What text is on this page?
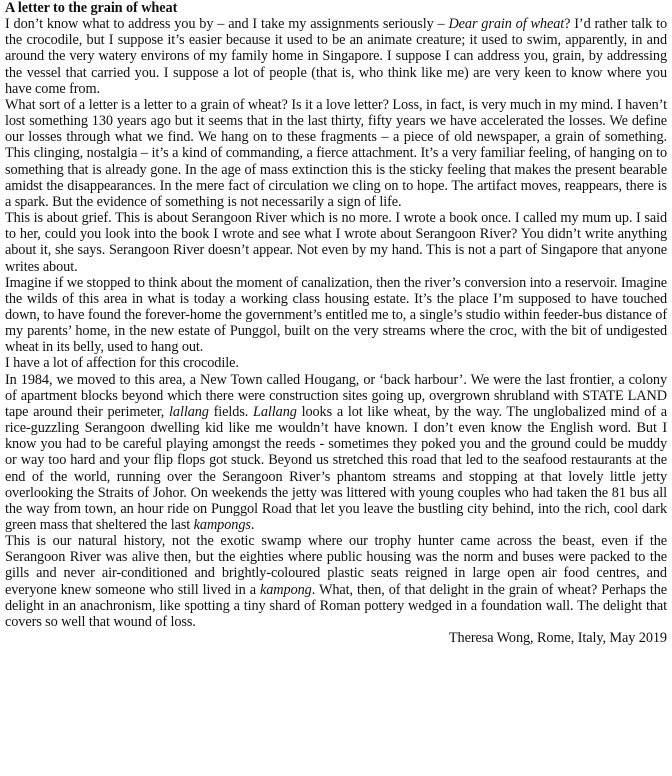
A letter to the grain of wheat

I don’t know what to address you by – and I take my assignments seriously – Dear grain of wheat? I’d rather talk to the crocodile, but I suppose it’s easier because it used to be an animate creature; it used to swim, apparently, in and around the very watery environs of my family home in Singapore. I suppose I can address you, grain, by addressing the vessel that carried you. I suppose a lot of people (that is, who think like me) are very keen to know where you have come from.

What sort of a letter is a letter to a grain of wheat? Is it a love letter? Loss, in fact, is very much in my mind. I haven’t lost something 130 years ago but it seems that in the last thirty, fifty years we have accelerated the losses. We define our losses through what we find. We hang on to these fragments – a piece of old newspaper, a grain of something. This clinging, nostalgia – it’s a kind of commanding, a fierce attachment. It’s a very familiar feeling, of hanging on to something that is already gone. In the age of mass extinction this is the sticky feeling that makes the present bearable amidst the disappearances. In the mere fact of circulation we cling on to hope. The artifact moves, reappears, there is a spark. But the evidence of something is not necessarily a sign of life.

This is about grief. This is about Serangoon River which is no more. I wrote a book once. I called my mum up. I said to her, could you look into the book I wrote and see what I wrote about Serangoon River? You didn’t write anything about it, she says. Serangoon River doesn’t appear. Not even by my hand. This is not a part of Singapore that anyone writes about.

Imagine if we stopped to think about the moment of canalization, then the river’s conversion into a reservoir. Imagine the wilds of this area in what is today a working class housing estate. It’s the place I’m supposed to have touched down, to have found the forever-home the government’s entitled me to, a single’s studio within feeder-bus distance of my parents’ home, in the new estate of Punggol, built on the very streams where the croc, with the bit of undigested wheat in its belly, used to hang out.

I have a lot of affection for this crocodile.

In 1984, we moved to this area, a New Town called Hougang, or ‘back harbour’. We were the last frontier, a colony of apartment blocks beyond which there were construction sites going up, overgrown shrubland with STATE LAND tape around their perimeter, lallang fields. Lallang looks a lot like wheat, by the way. The unglobalized mind of a rice-guzzling Serangoon dwelling kid like me wouldn’t have known. I don’t even know the English word. But I know you had to be careful playing amongst the reeds - sometimes they poked you and the ground could be muddy or way too hard and your flip flops got stuck. Beyond us stretched this road that led to the seafood restaurants at the end of the world, running over the Serangoon River’s phantom streams and stopping at that lovely little jetty overlooking the Straits of Johor. On weekends the jetty was littered with young couples who had taken the 81 bus all the way from town, an hour ride on Punggol Road that let you leave the bustling city behind, into the rich, cool dark green mass that sheltered the last kampongs.

This is our natural history, not the exotic swamp where our trophy hunter came across the beast, even if the Serangoon River was alive then, but the eighties where public housing was the norm and buses were packed to the gills and never air-conditioned and brightly-coloured plastic seats reigned in large open air food centres, and everyone knew someone who still lived in a kampong. What, then, of that delight in the grain of wheat? Perhaps the delight in an anachronism, like spotting a tiny shard of Roman pottery wedged in a foundation wall. The delight that covers so well that wound of loss.

Theresa Wong, Rome, Italy, May 2019
